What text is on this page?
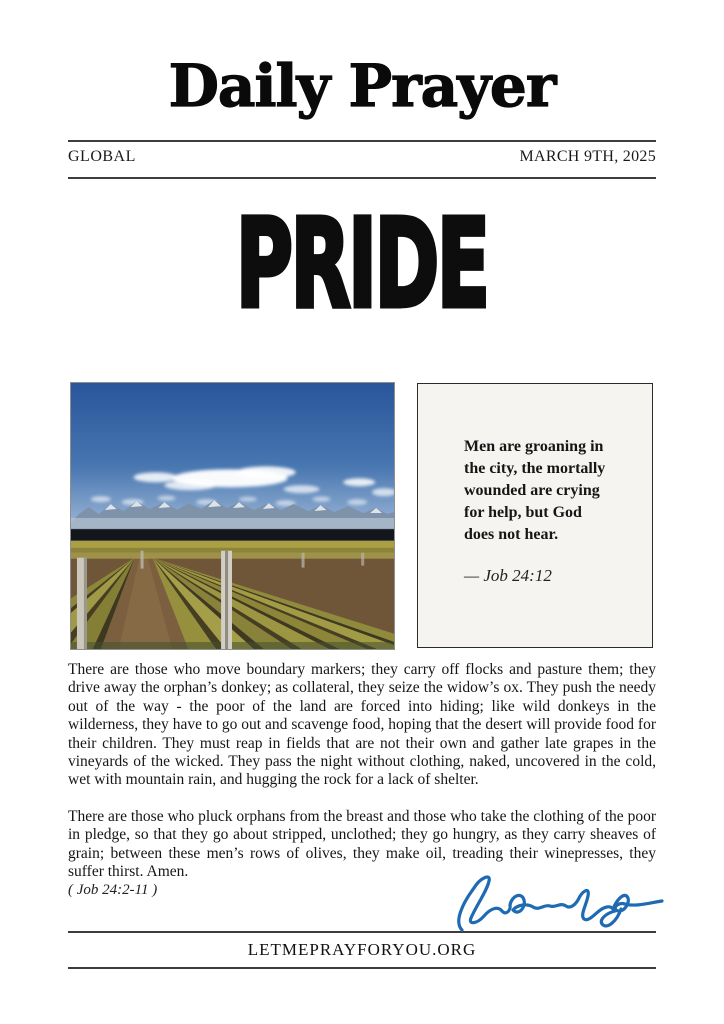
Daily Prayer
GLOBAL	MARCH 9TH, 2025
PRIDE
Men are groaning in the city, the mortally wounded are crying for help, but God does not hear.
— Job 24:12

There are those who move boundary markers; they carry off flocks and pasture them; they drive away the orphan’s donkey; as collateral, they seize the widow’s ox. They push the needy out of the way - the poor of the land are forced into hiding; like wild donkeys in the wilderness, they have to go out and scavenge food, hoping that the desert will provide food for their children. They must reap in fields that are not their own and gather late grapes in the vineyards of the wicked. They pass the night without clothing, naked, uncovered in the cold, wet with mountain rain, and hugging the rock for a lack of shelter.

There are those who pluck orphans from the breast and those who take the clothing of the poor in pledge, so that they go about stripped, unclothed; they go hungry, as they carry sheaves of grain; between these men’s rows of olives, they make oil, treading their winepresses, they suffer thirst. Amen.

( Job 24:2-11 )
LETMEPRAYFORYOU.ORG
